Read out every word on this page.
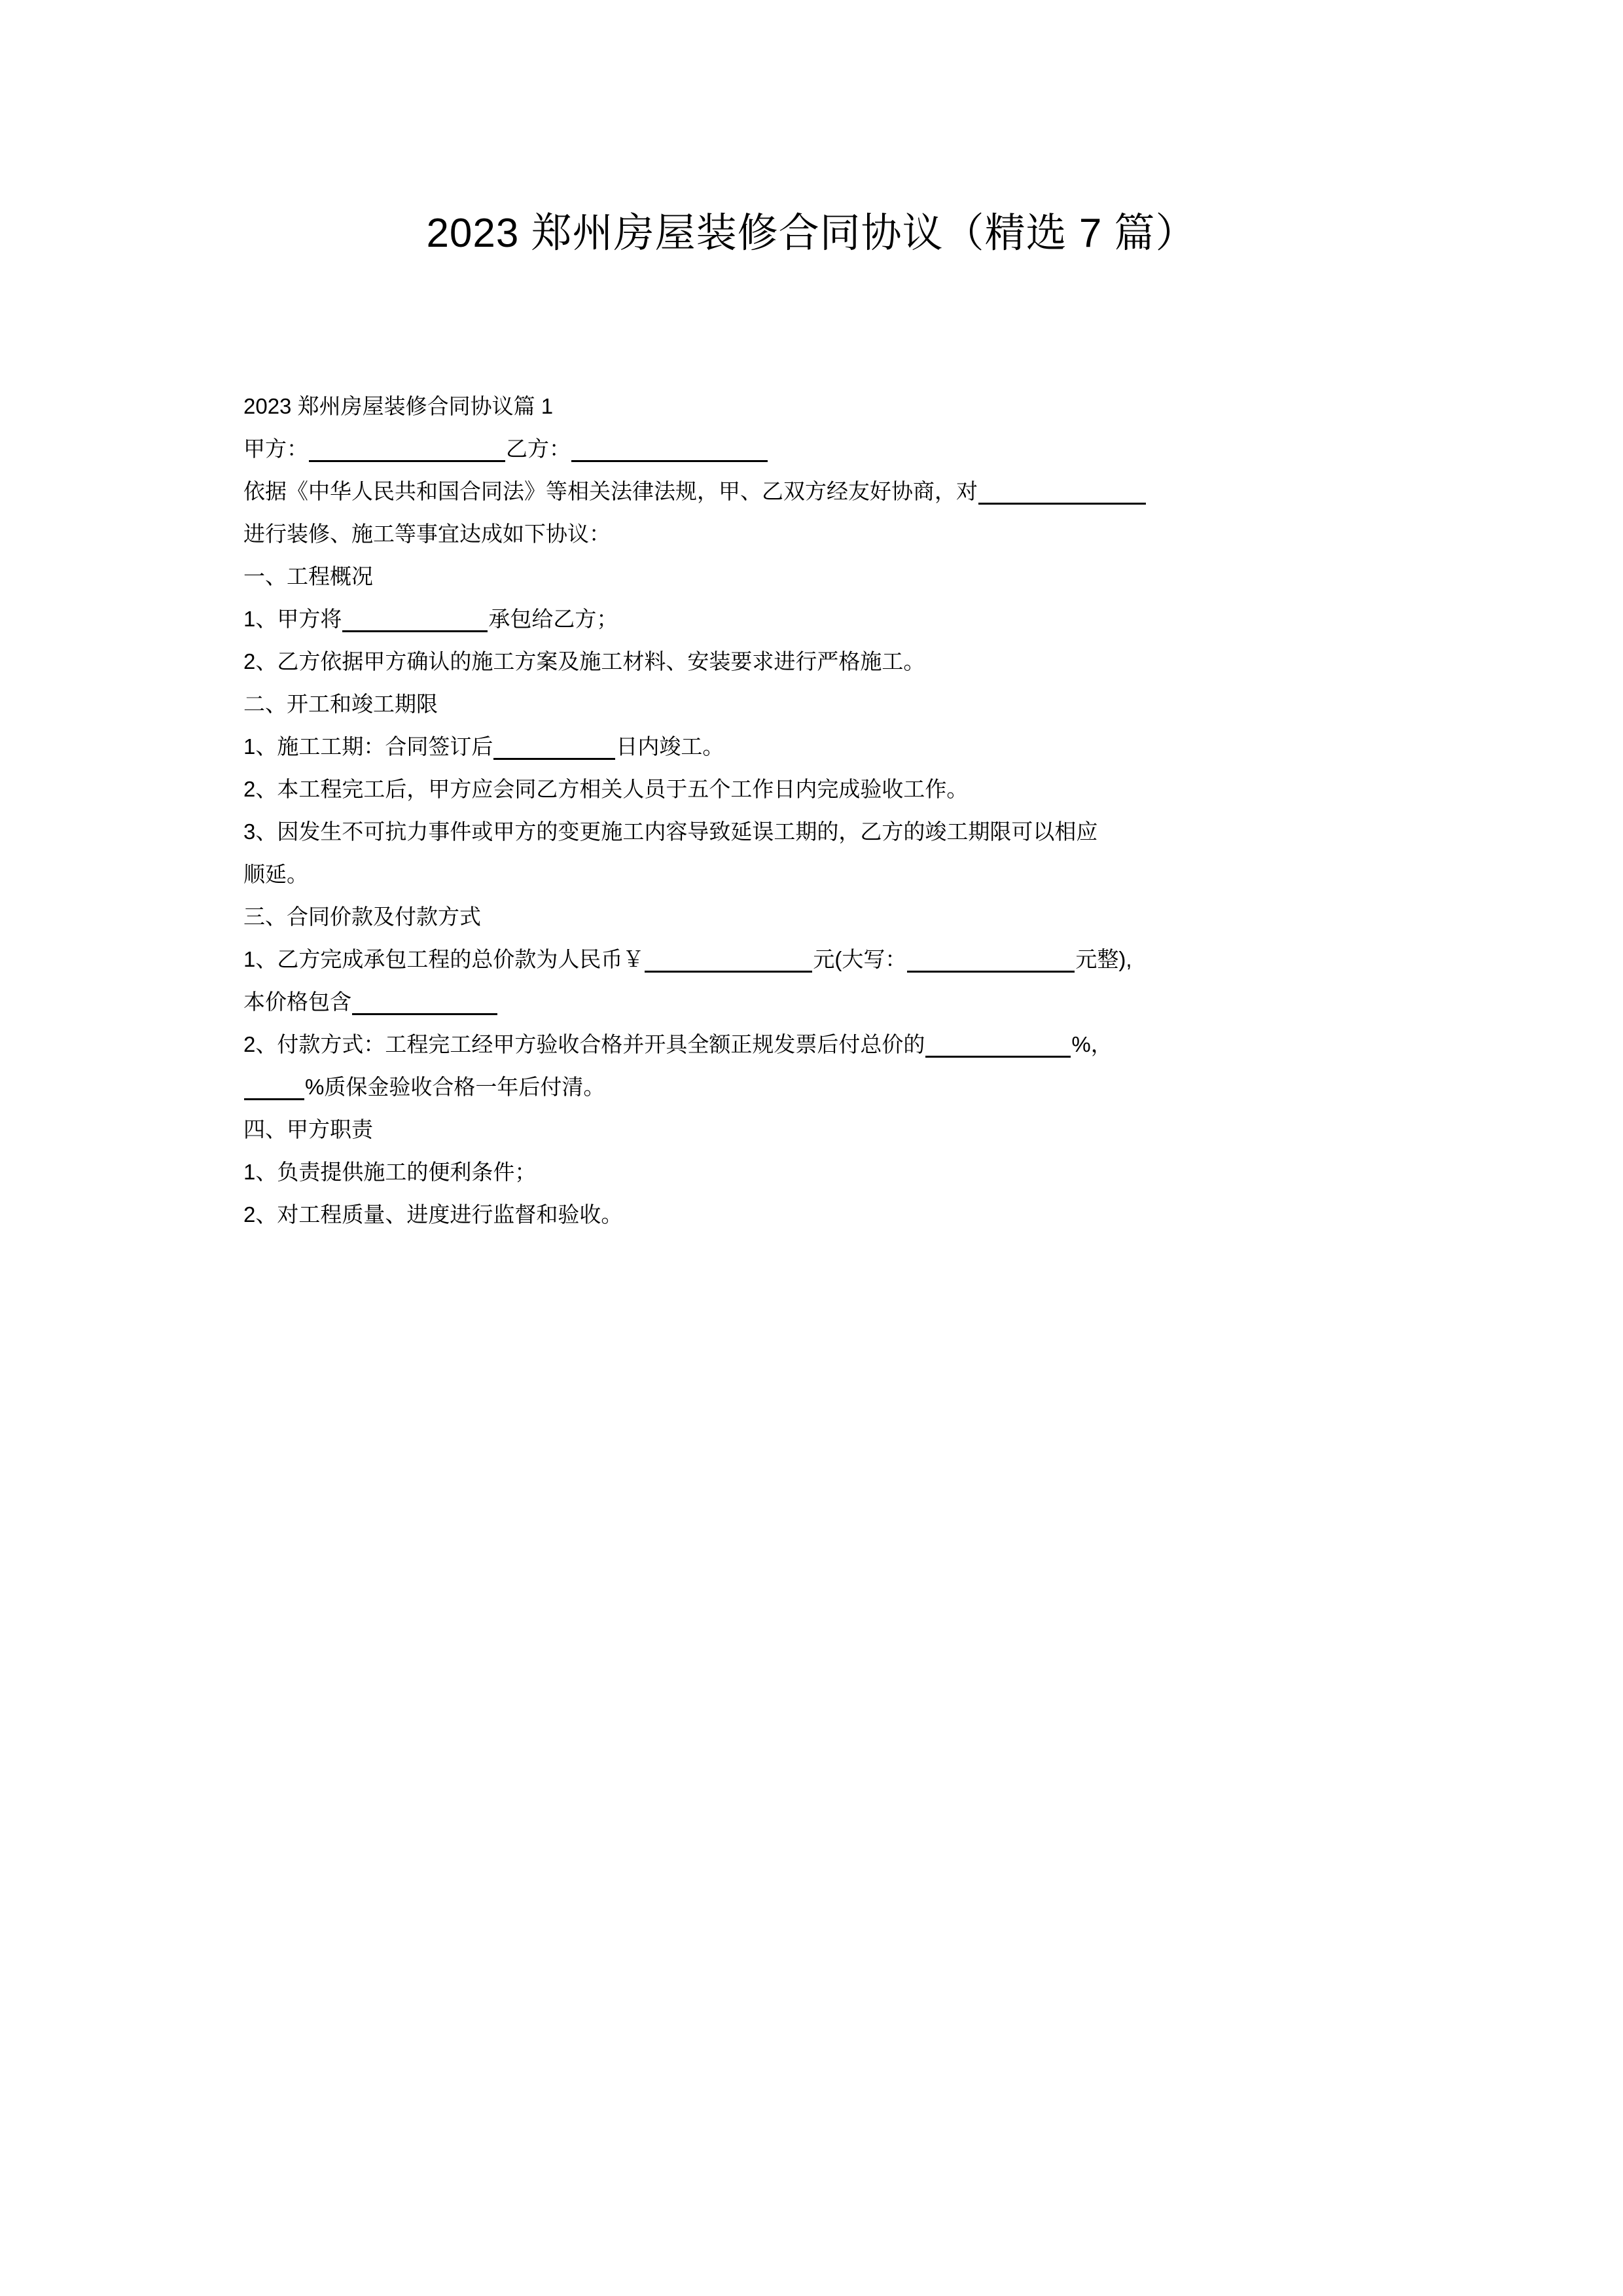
2023 郑州房屋装修合同协议（精选 7 篇）
2023 郑州房屋装修合同协议篇 1
甲方：	乙方：
依据《中华人民共和国合同法》等相关法律法规，甲、乙双方经友好协商，对
进行装修、施工等事宜达成如下协议：
一、工程概况
1、甲方将	承包给乙方；
2、乙方依据甲方确认的施工方案及施工材料、安装要求进行严格施工。
二、开工和竣工期限
1、施工工期：合同签订后	日内竣工。
2、本工程完工后，甲方应会同乙方相关人员于五个工作日内完成验收工作。
3、因发生不可抗力事件或甲方的变更施工内容导致延误工期的，乙方的竣工期限可以相应
顺延。
三、合同价款及付款方式
1、乙方完成承包工程的总价款为人民币￥	元(大写：	元整),
本价格包含
2、付款方式：工程完工经甲方验收合格并开具全额正规发票后付总价的	%，
%质保金验收合格一年后付清。
四、甲方职责
1、负责提供施工的便利条件；
2、对工程质量、进度进行监督和验收。
